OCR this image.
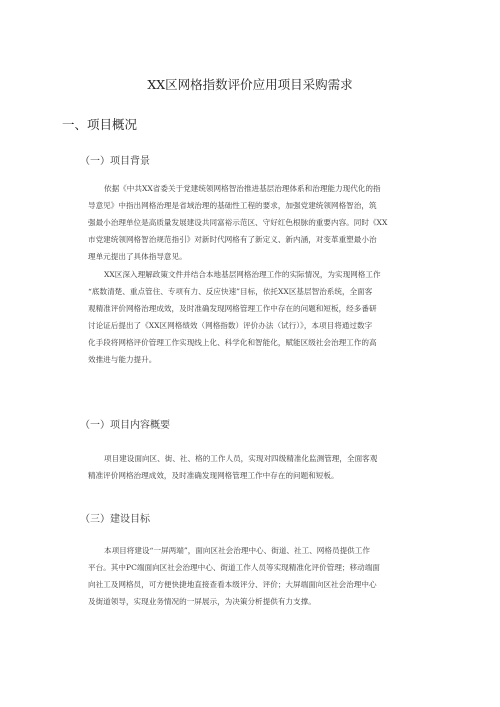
XX区网格指数评价应用项目采购需求
一、项目概况
（一）项目背景
依据《中共XX省委关于党建统领网格智治推进基层治理体系和治理能力现代化的指
导意见》中指出网格治理是省域治理的基础性工程的要求，加强党建统领网格智治，筑
强最小治理单位是高质量发展建设共同富裕示范区、守好红色根脉的重要内容。同时《XX
市党建统领网格智治规范指引》对新时代网格有了新定义、新内涵，对变革重塑最小治
理单元提出了具体指导意见。
XX区深入理解政策文件并结合本地基层网格治理工作的实际情况，为实现网格工作
“底数清楚、重点管住、专项有力、反应快速”目标，依托XX区基层智治系统，全面客
观精准评价网格治理成效，及时准确发现网格管理工作中存在的问题和短板，经多番研
讨论证后提出了《XX区网格绩效（网格指数）评价办法（试行）》，本项目将通过数字
化手段将网格评价管理工作实现线上化、科学化和智能化，赋能区级社会治理工作的高
效推进与能力提升。
（一）项目内容概要
项目建设面向区、街、社、格的工作人员，实现对四级精准化监测管理，全面客观
精准评价网格治理成效，及时准确发现网格管理工作中存在的问题和短板。
（三）建设目标
本项目将建设“一屏两端”，面向区社会治理中心、街道、社工、网格员提供工作
平台。其中PC端面向区社会治理中心、街道工作人员等实现精准化评价管理；移动端面
向社工及网格员，可方便快捷地直接查看本级评分、评价；大屏端面向区社会治理中心
及街道领导，实现业务情况的一屏展示，为决策分析提供有力支撑。
